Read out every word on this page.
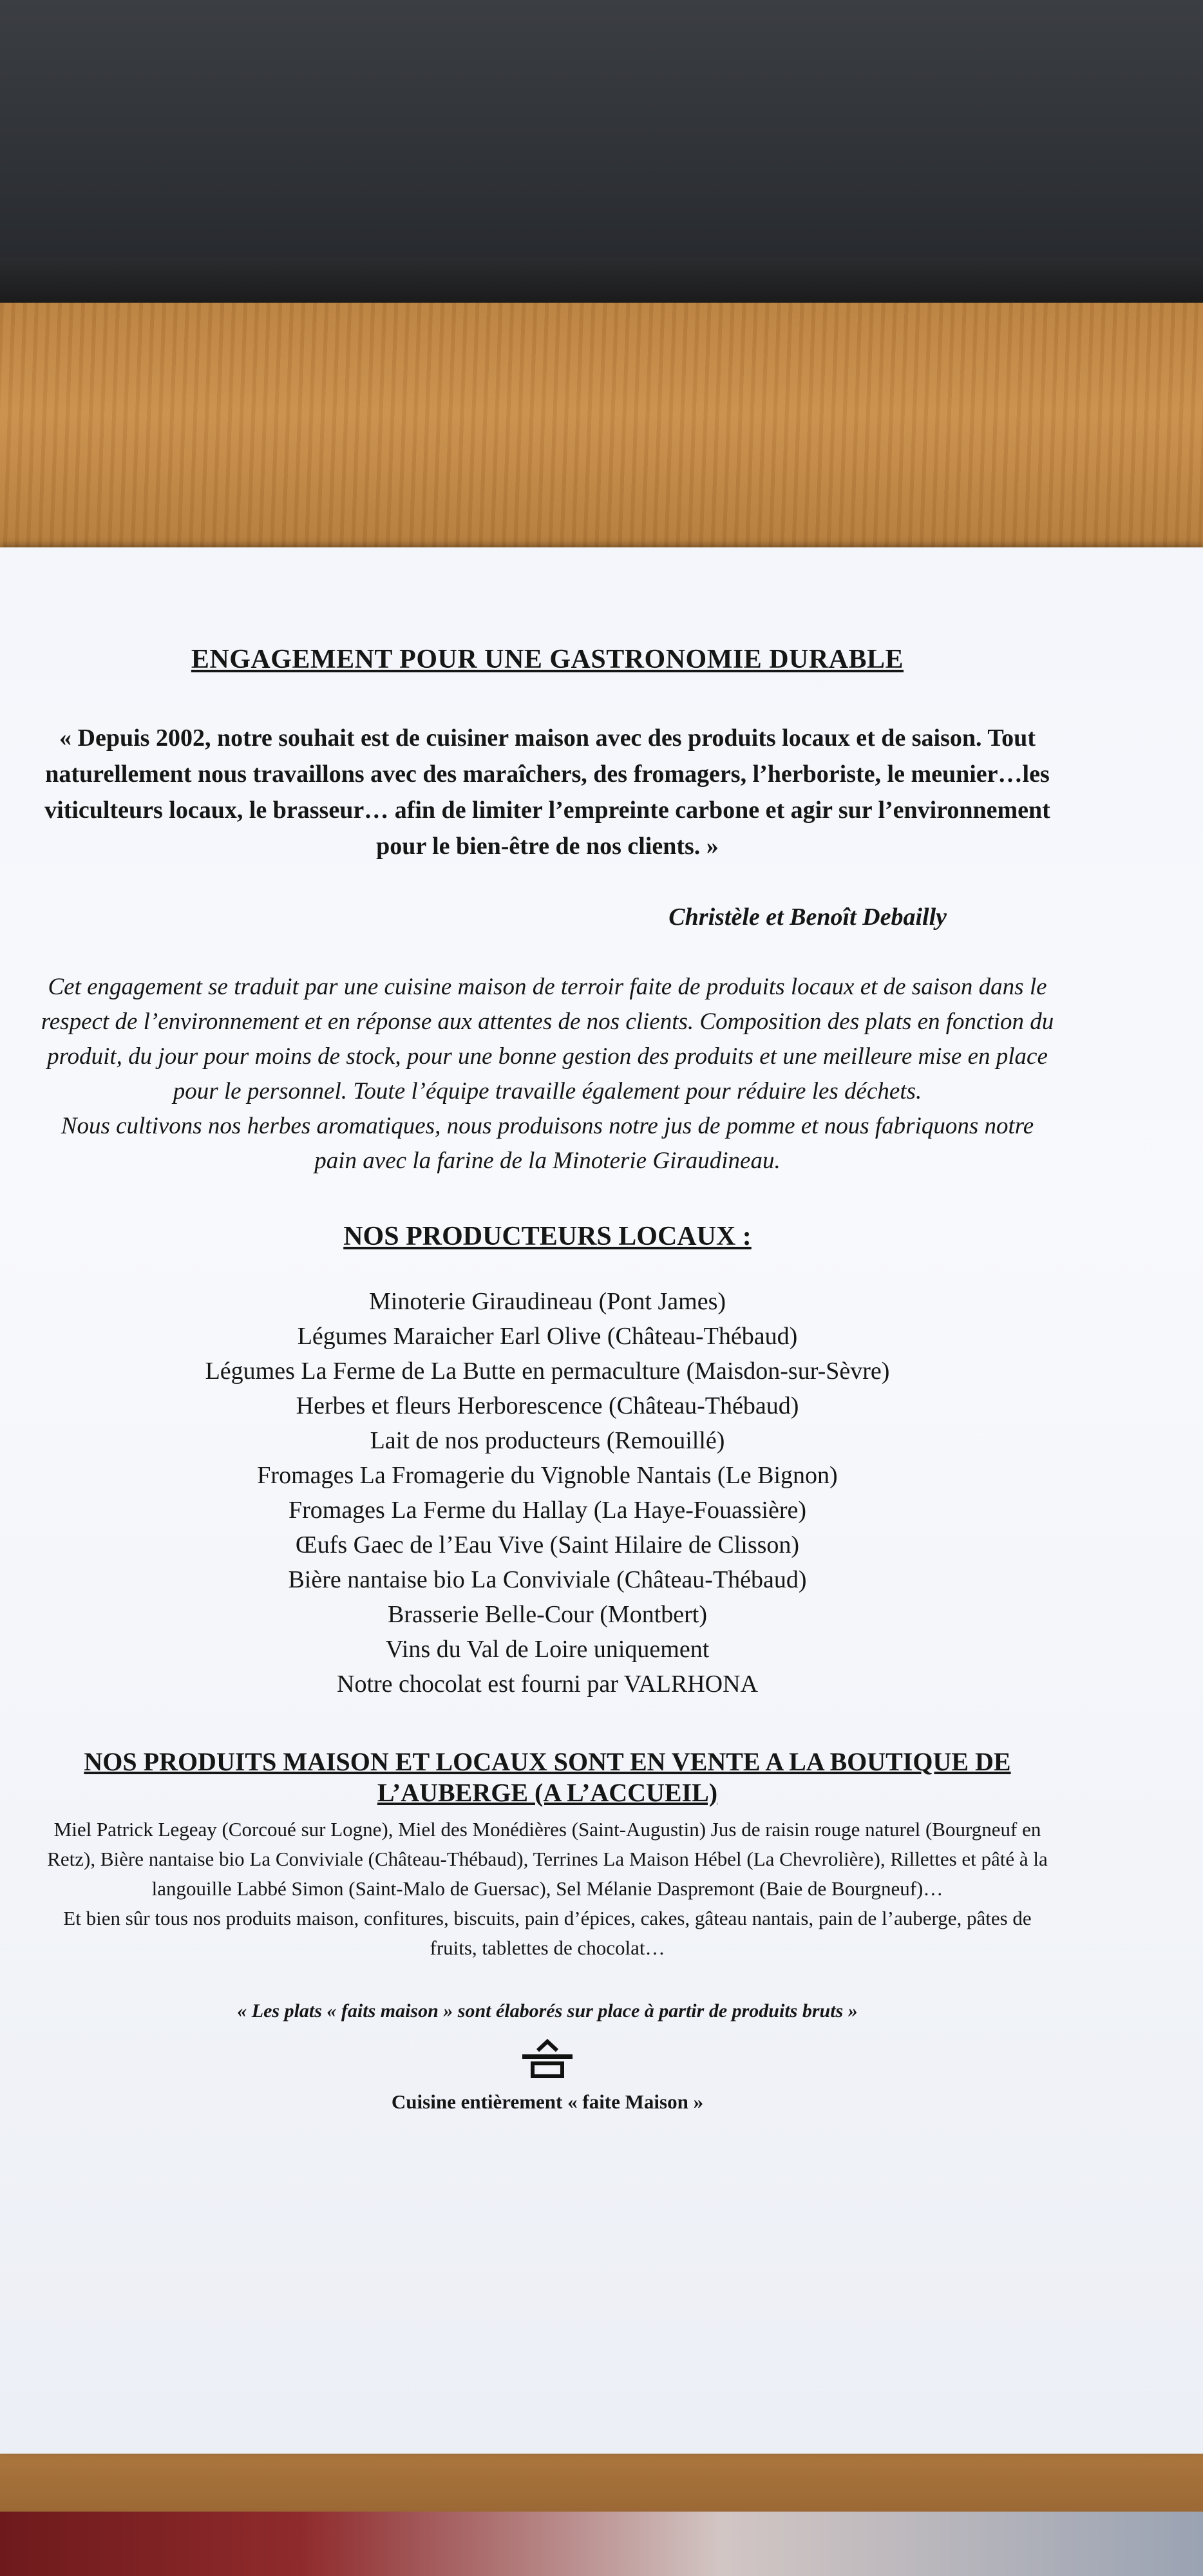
ENGAGEMENT POUR UNE GASTRONOMIE DURABLE

« Depuis 2002, notre souhait est de cuisiner maison avec des produits locaux et de saison. Tout naturellement nous travaillons avec des maraîchers, des fromagers, l’herboriste, le meunier…les viticulteurs locaux, le brasseur… afin de limiter l’empreinte carbone et agir sur l’environnement pour le bien-être de nos clients. »

Christèle et Benoît Debailly

Cet engagement se traduit par une cuisine maison de terroir faite de produits locaux et de saison dans le respect de l’environnement et en réponse aux attentes de nos clients. Composition des plats en fonction du produit, du jour pour moins de stock, pour une bonne gestion des produits et une meilleure mise en place pour le personnel. Toute l’équipe travaille également pour réduire les déchets.

Nous cultivons nos herbes aromatiques, nous produisons notre jus de pomme et nous fabriquons notre pain avec la farine de la Minoterie Giraudineau.

NOS PRODUCTEURS LOCAUX :
Minoterie Giraudineau (Pont James)
Légumes Maraicher Earl Olive (Château-Thébaud)
Légumes La Ferme de La Butte en permaculture (Maisdon-sur-Sèvre)
Herbes et fleurs Herborescence (Château-Thébaud)
Lait de nos producteurs (Remouillé)
Fromages La Fromagerie du Vignoble Nantais (Le Bignon)
Fromages La Ferme du Hallay (La Haye-Fouassière)
Œufs Gaec de l’Eau Vive (Saint Hilaire de Clisson)
Bière nantaise bio La Conviviale (Château-Thébaud)
Brasserie Belle-Cour (Montbert)
Vins du Val de Loire uniquement
Notre chocolat est fourni par VALRHONA
NOS PRODUITS MAISON ET LOCAUX SONT EN VENTE A LA BOUTIQUE DE L’AUBERGE (A L’ACCUEIL)

Miel Patrick Legeay (Corcoué sur Logne), Miel des Monédières (Saint-Augustin) Jus de raisin rouge naturel (Bourgneuf en Retz), Bière nantaise bio La Conviviale (Château-Thébaud), Terrines La Maison Hébel (La Chevrolière), Rillettes et pâté à la langouille Labbé Simon (Saint-Malo de Guersac), Sel Mélanie Daspremont (Baie de Bourgneuf)…

Et bien sûr tous nos produits maison, confitures, biscuits, pain d’épices, cakes, gâteau nantais, pain de l’auberge, pâtes de fruits, tablettes de chocolat…

« Les plats « faits maison » sont élaborés sur place à partir de produits bruts »

Cuisine entièrement « faite Maison »
